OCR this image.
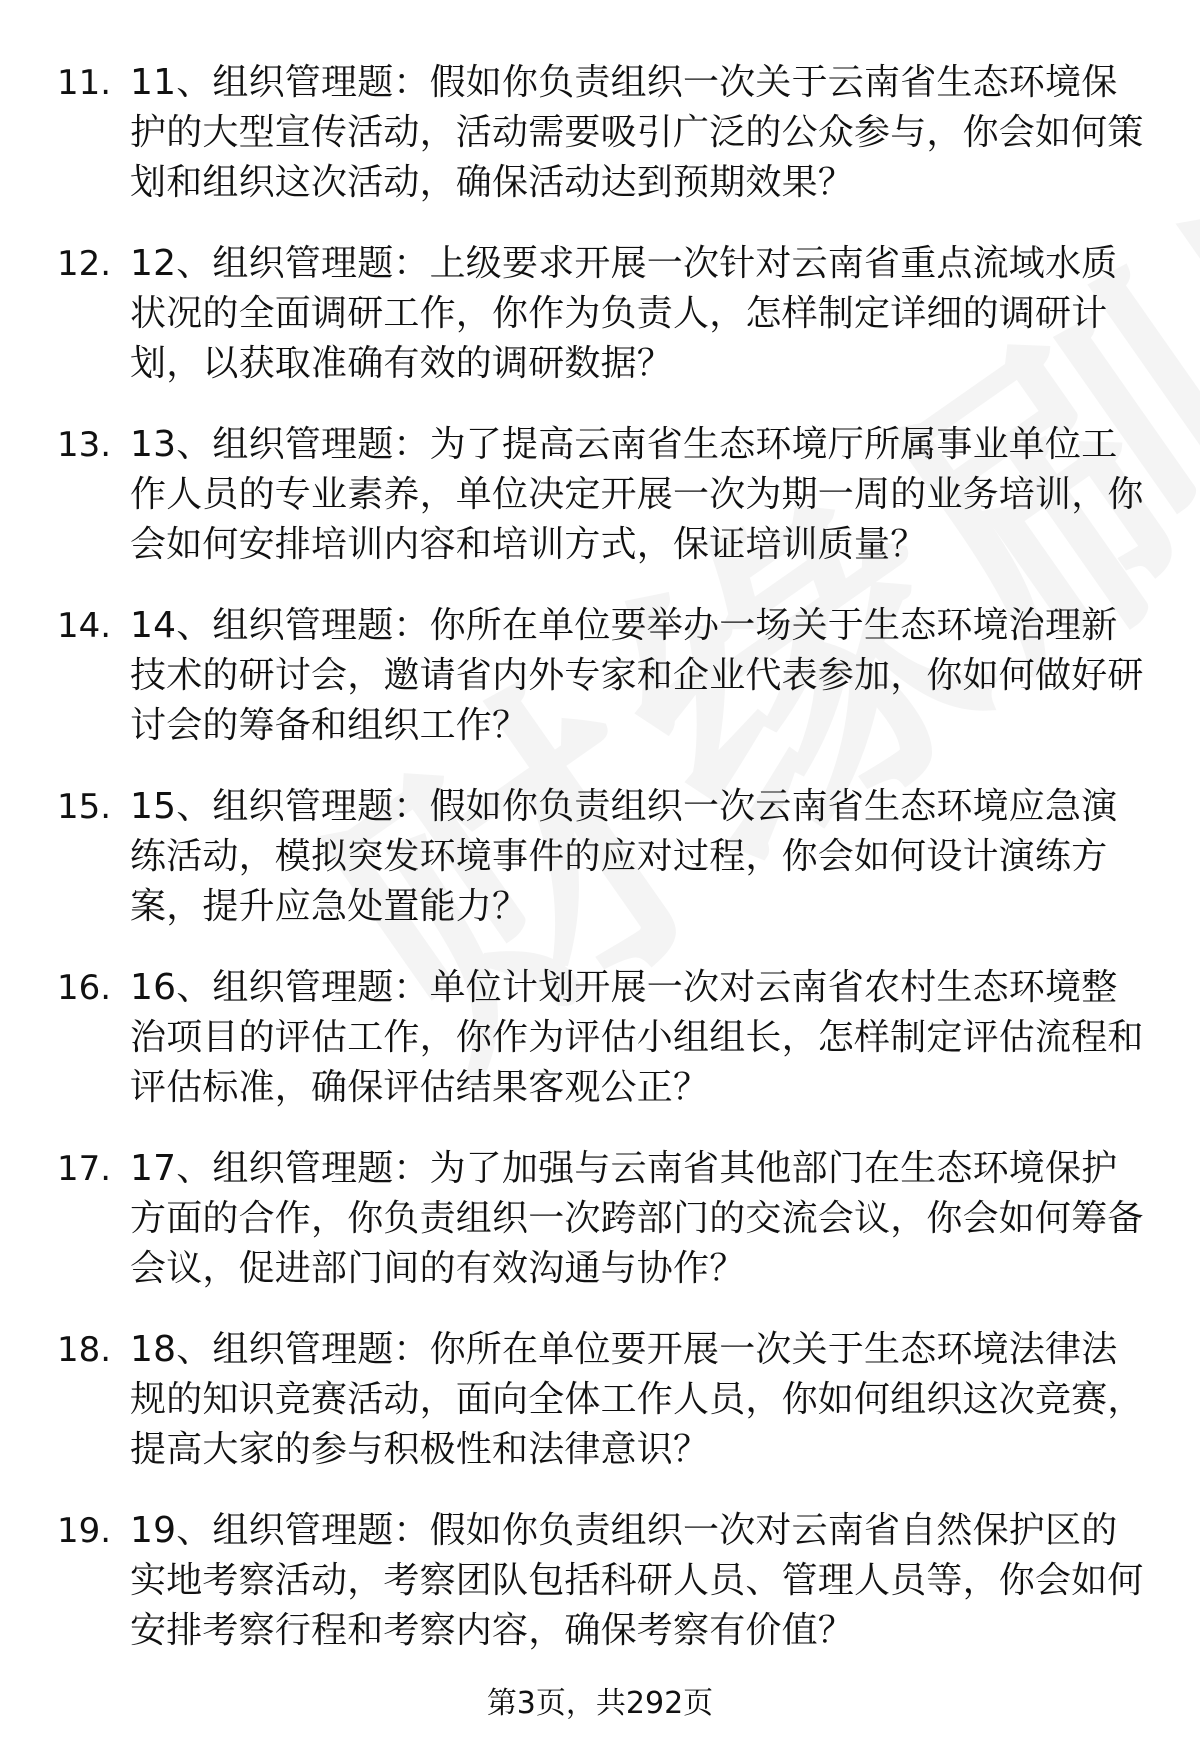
11. 11、组织管理题：假如你负责组织一次关于云南省生态环境保护的大型宣传活动，活动需要吸引广泛的公众参与，你会如何策划和组织这次活动，确保活动达到预期效果？
12. 12、组织管理题：上级要求开展一次针对云南省重点流域水质状况的全面调研工作，你作为负责人，怎样制定详细的调研计划，以获取准确有效的调研数据？
13. 13、组织管理题：为了提高云南省生态环境厅所属事业单位工作人员的专业素养，单位决定开展一次为期一周的业务培训，你会如何安排培训内容和培训方式，保证培训质量？
14. 14、组织管理题：你所在单位要举办一场关于生态环境治理新技术的研讨会，邀请省内外专家和企业代表参加，你如何做好研讨会的筹备和组织工作？
15. 15、组织管理题：假如你负责组织一次云南省生态环境应急演练活动，模拟突发环境事件的应对过程，你会如何设计演练方案，提升应急处置能力？
16. 16、组织管理题：单位计划开展一次对云南省农村生态环境整治项目的评估工作，你作为评估小组组长，怎样制定评估流程和评估标准，确保评估结果客观公正？
17. 17、组织管理题：为了加强与云南省其他部门在生态环境保护方面的合作，你负责组织一次跨部门的交流会议，你会如何筹备会议，促进部门间的有效沟通与协作？
18. 18、组织管理题：你所在单位要开展一次关于生态环境法律法规的知识竞赛活动，面向全体工作人员，你如何组织这次竞赛，提高大家的参与积极性和法律意识？
19. 19、组织管理题：假如你负责组织一次对云南省自然保护区的实地考察活动，考察团队包括科研人员、管理人员等，你会如何安排考察行程和考察内容，确保考察有价值？
第3页，共292页
